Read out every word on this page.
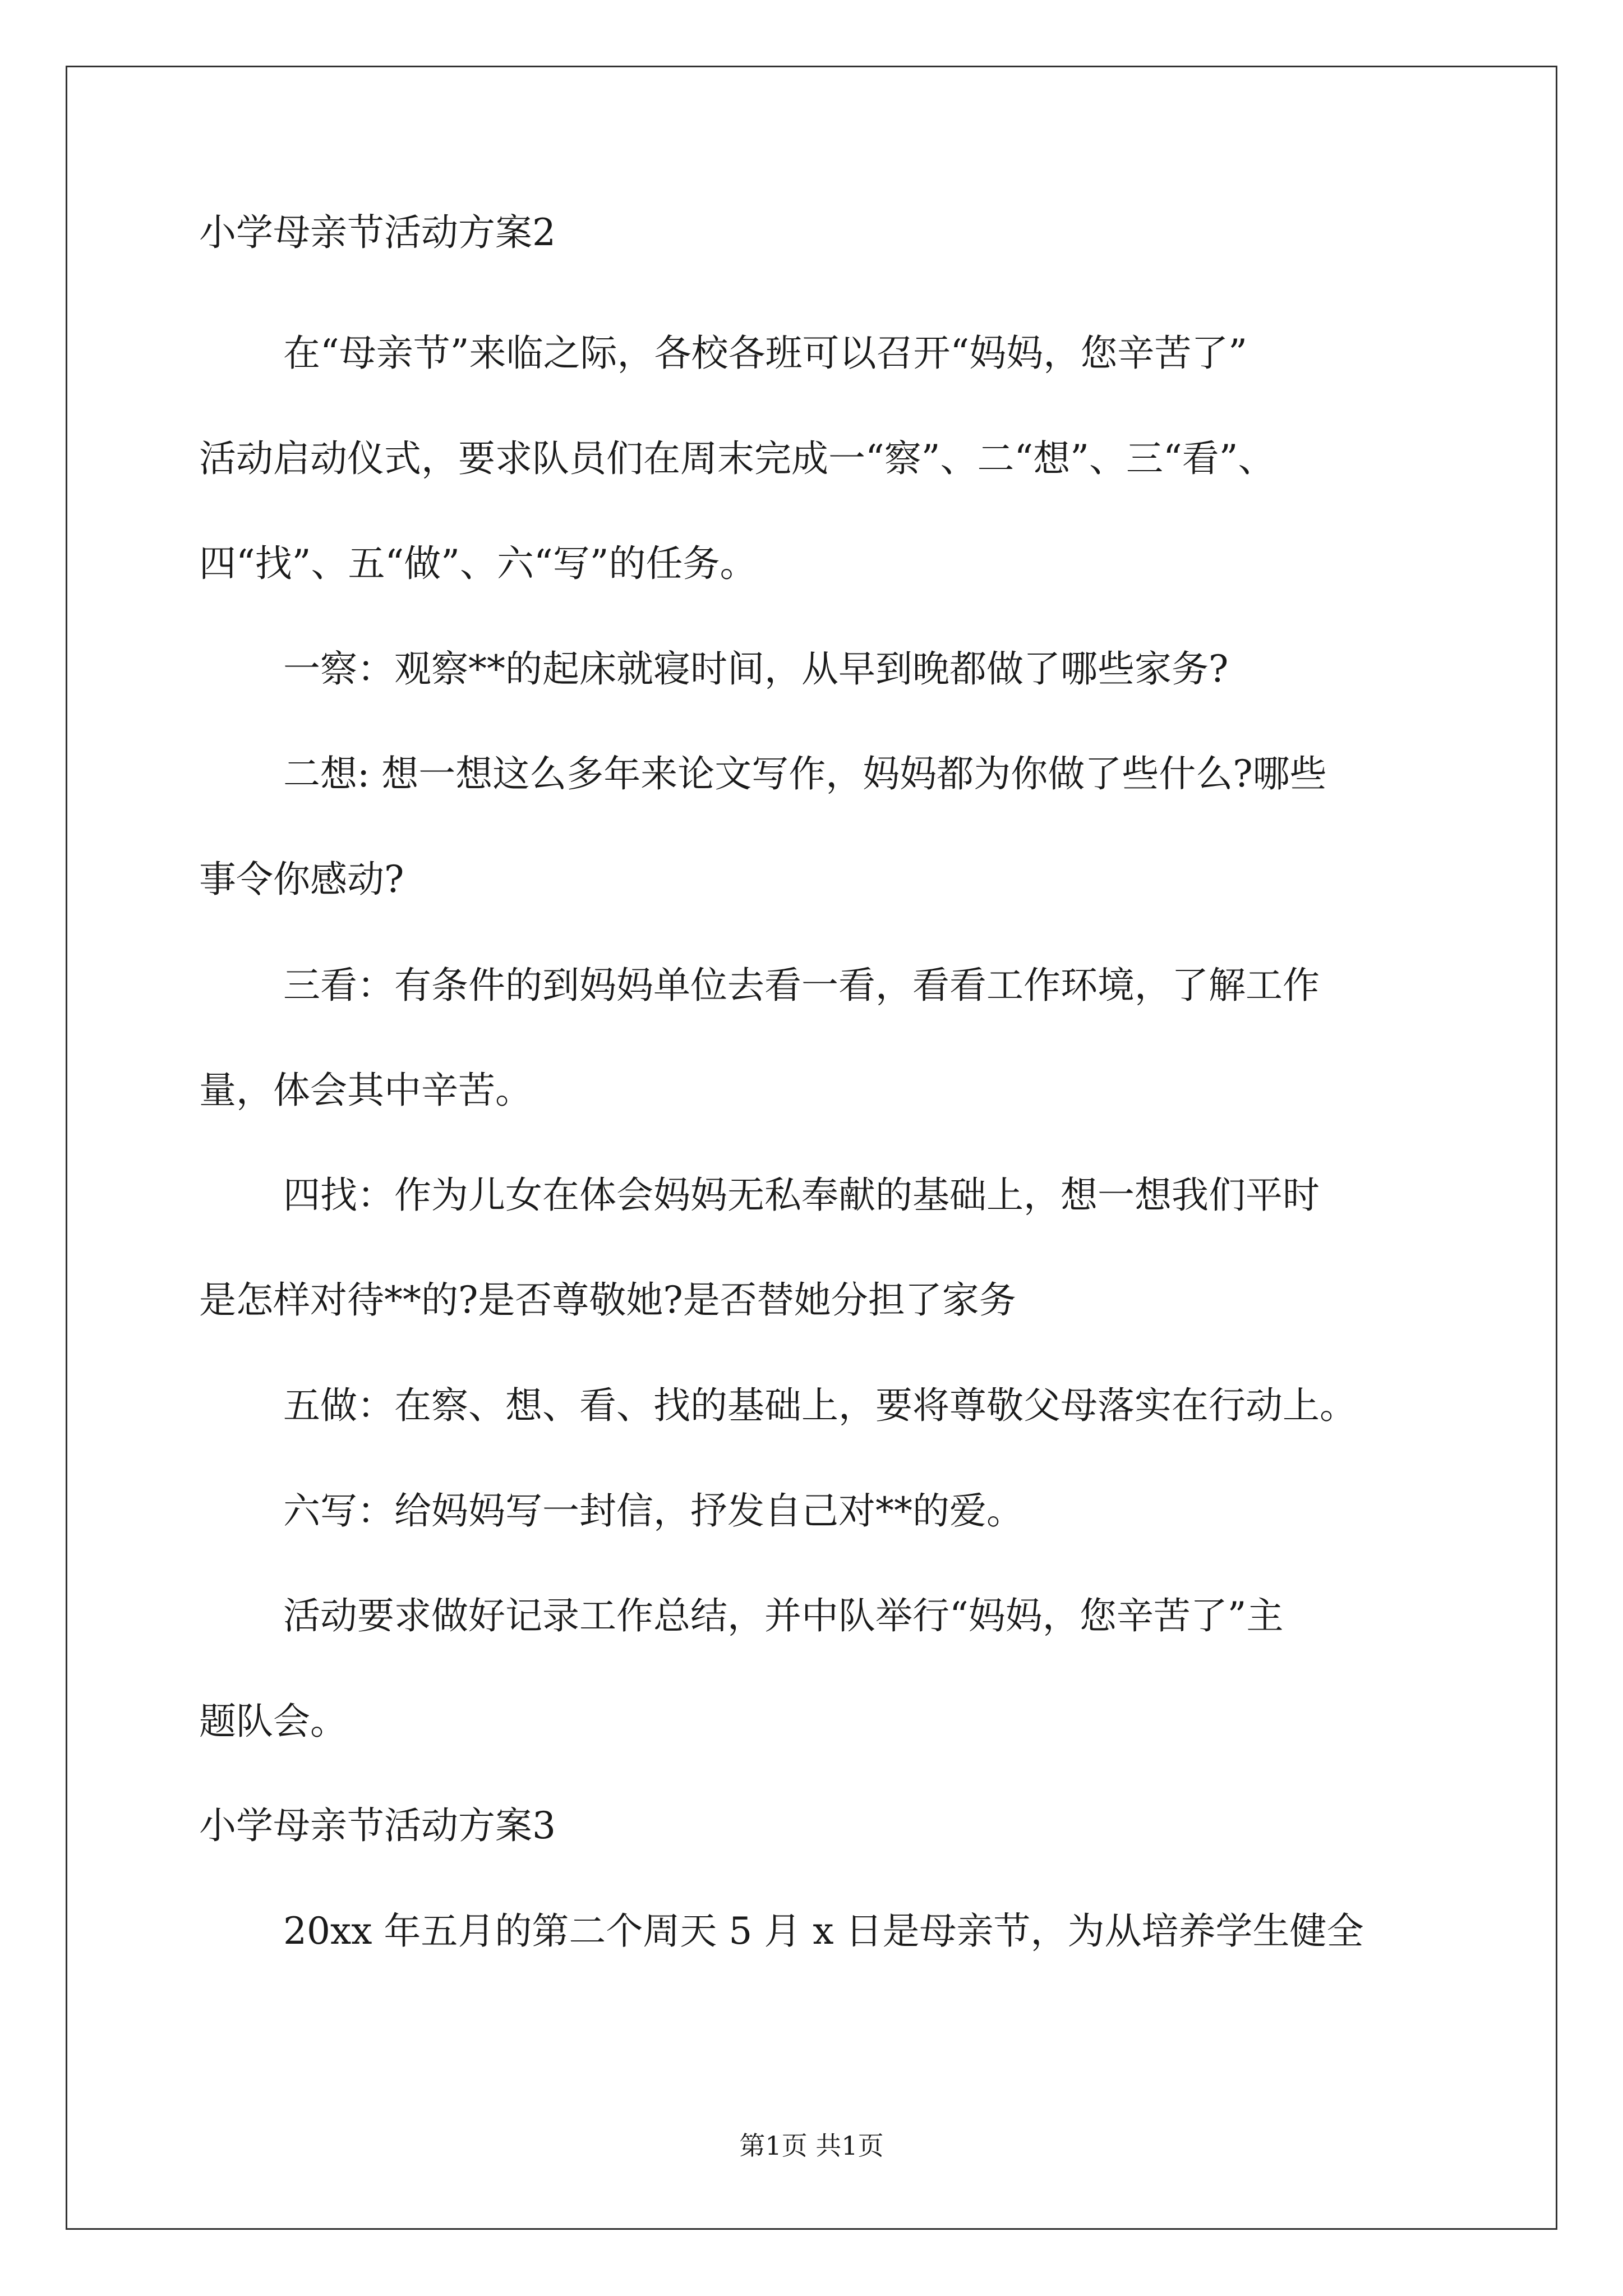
小学母亲节活动方案2
在“母亲节”来临之际，各校各班可以召开“妈妈，您辛苦了”
活动启动仪式，要求队员们在周末完成一“察”、二“想”、三“看”、
四“找”、五“做”、六“写”的任务。
一察：观察**的起床就寝时间，从早到晚都做了哪些家务?
二想: 想一想这么多年来论文写作，妈妈都为你做了些什么?哪些
事令你感动?
三看：有条件的到妈妈单位去看一看，看看工作环境，了解工作
量，体会其中辛苦。
四找：作为儿女在体会妈妈无私奉献的基础上，想一想我们平时
是怎样对待**的?是否尊敬她?是否替她分担了家务
五做：在察、想、看、找的基础上，要将尊敬父母落实在行动上。
六写：给妈妈写一封信，抒发自己对**的爱。
活动要求做好记录工作总结，并中队举行“妈妈，您辛苦了”主
题队会。
小学母亲节活动方案3
20xx 年五月的第二个周天 5 月 x 日是母亲节，为从培养学生健全
第1页 共1页
